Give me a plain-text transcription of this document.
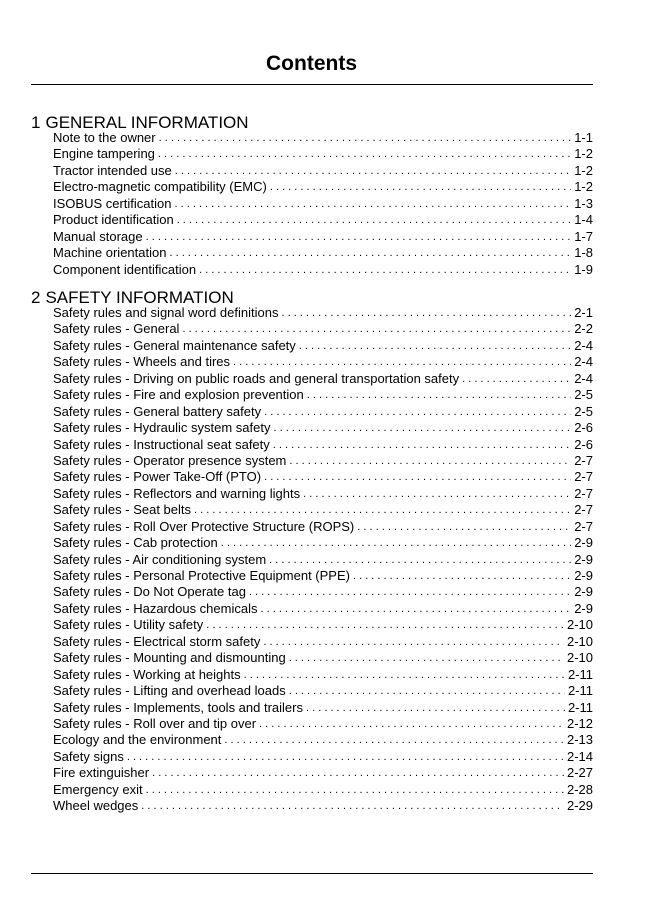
Contents
1 GENERAL INFORMATION
Note to the owner . . .	1-1
Engine tampering . . .	1-2
Tractor intended use . . .	1-2
Electro-magnetic compatibility (EMC) . . .	1-2
ISOBUS certification . . .	1-3
Product identification . . .	1-4
Manual storage . . .	1-7
Machine orientation . . .	1-8
Component identification . . .	1-9
2 SAFETY INFORMATION
Safety rules and signal word definitions . . .	2-1
Safety rules - General . . .	2-2
Safety rules - General maintenance safety . . .	2-4
Safety rules - Wheels and tires . . .	2-4
Safety rules - Driving on public roads and general transportation safety . . .	2-4
Safety rules - Fire and explosion prevention . . .	2-5
Safety rules - General battery safety . . .	2-5
Safety rules - Hydraulic system safety . . .	2-6
Safety rules - Instructional seat safety . . .	2-6
Safety rules - Operator presence system . . .	2-7
Safety rules - Power Take-Off (PTO) . . .	2-7
Safety rules - Reflectors and warning lights . . .	2-7
Safety rules - Seat belts . . .	2-7
Safety rules - Roll Over Protective Structure (ROPS) . . .	2-7
Safety rules - Cab protection . . .	2-9
Safety rules - Air conditioning system . . .	2-9
Safety rules - Personal Protective Equipment (PPE) . . .	2-9
Safety rules - Do Not Operate tag . . .	2-9
Safety rules - Hazardous chemicals . . .	2-9
Safety rules - Utility safety . . .	2-10
Safety rules - Electrical storm safety . . .	2-10
Safety rules - Mounting and dismounting . . .	2-10
Safety rules - Working at heights . . .	2-11
Safety rules - Lifting and overhead loads . . .	2-11
Safety rules - Implements, tools and trailers . . .	2-11
Safety rules - Roll over and tip over . . .	2-12
Ecology and the environment . . .	2-13
Safety signs . . .	2-14
Fire extinguisher . . .	2-27
Emergency exit . . .	2-28
Wheel wedges . . .	2-29
